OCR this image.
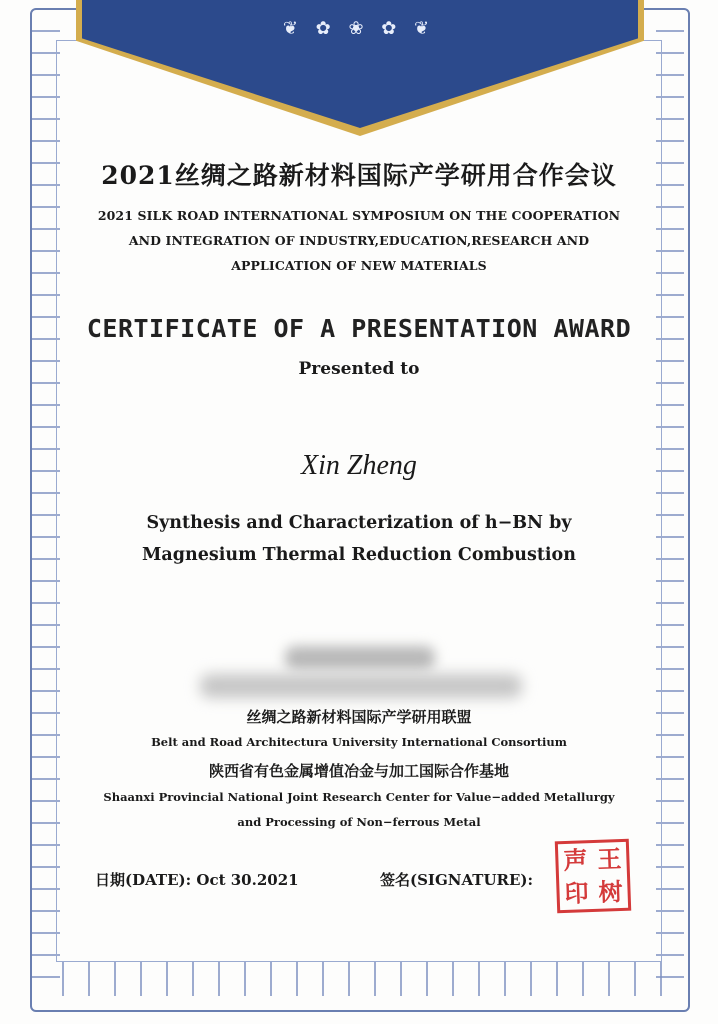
❦ ✿ ❀ ✿ ❦
2021丝绸之路新材料国际产学研用合作会议
2021 SILK ROAD INTERNATIONAL SYMPOSIUM ON THE COOPERATION
AND INTEGRATION OF INDUSTRY,EDUCATION,RESEARCH AND
APPLICATION OF NEW MATERIALS
CERTIFICATE OF A PRESENTATION AWARD
Presented to
Xin Zheng
Synthesis and Characterization of h−BN by
Magnesium Thermal Reduction Combustion
丝绸之路新材料国际产学研用联盟
Belt and Road Architectura University International Consortium
陕西省有色金属增值冶金与加工国际合作基地
Shaanxi Provincial National Joint Research Center for Value−added Metallurgy
and Processing of Non−ferrous Metal
日期(DATE): Oct 30.2021	签名(SIGNATURE):
声 王
印 树
